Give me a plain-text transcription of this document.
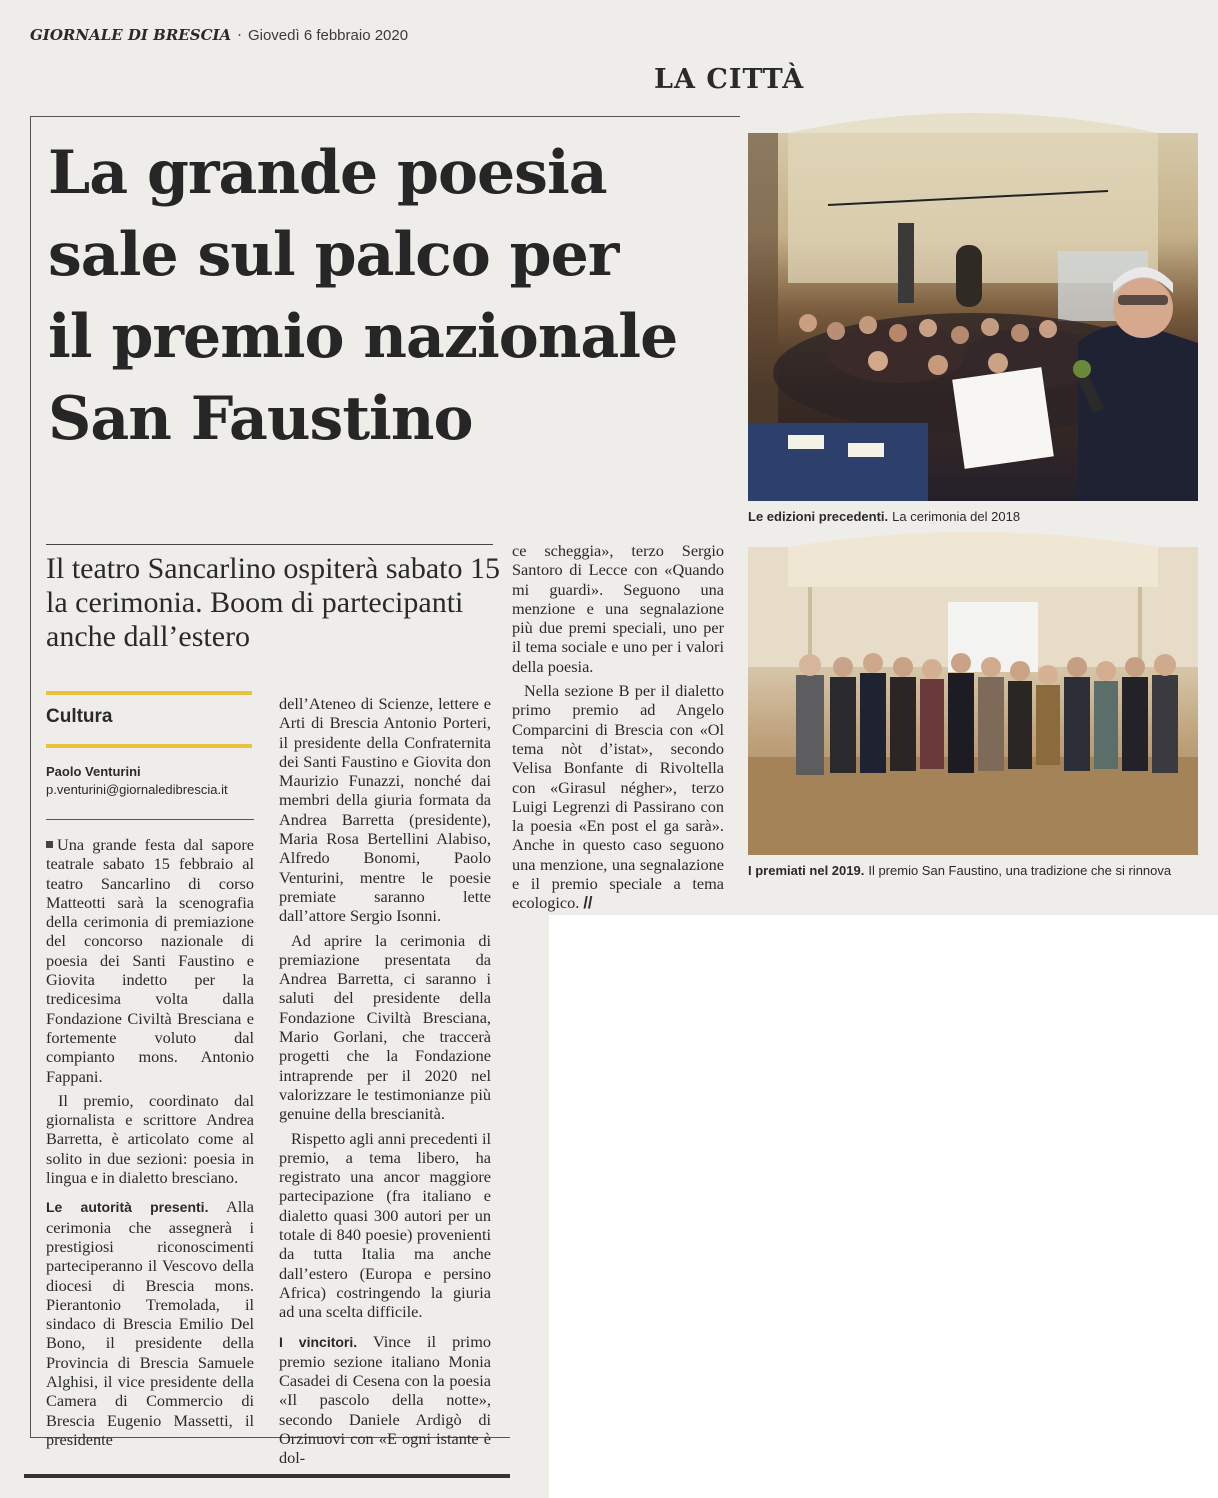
GIORNALE DI BRESCIA · Giovedì 6 febbraio 2020
LA CITTÀ
La grande poesia
sale sul palco per
il premio nazionale
San Faustino
Il teatro Sancarlino ospiterà sabato 15 la cerimonia. Boom di partecipanti anche dall’estero
Cultura
Paolo Venturini
p.venturini@giornaledibrescia.it

Una grande festa dal sapore teatrale sabato 15 febbraio al teatro Sancarlino di corso Matteotti sarà la scenografia della cerimonia di premiazione del concorso nazionale di poesia dei Santi Faustino e Giovita indetto per la tredicesima volta dalla Fondazione Civiltà Bresciana e fortemente voluto dal compianto mons. Antonio Fappani.

Il premio, coordinato dal giornalista e scrittore Andrea Barretta, è articolato come al solito in due sezioni: poesia in lingua e in dialetto bresciano.

Le autorità presenti. Alla cerimonia che assegnerà i prestigiosi riconoscimenti parteciperanno il Vescovo della diocesi di Brescia mons. Pierantonio Tremolada, il sindaco di Brescia Emilio Del Bono, il presidente della Provincia di Brescia Samuele Alghisi, il vice presidente della Camera di Commercio di Brescia Eugenio Massetti, il presidente

dell’Ateneo di Scienze, lettere e Arti di Brescia Antonio Porteri, il presidente della Confraternita dei Santi Faustino e Giovita don Maurizio Funazzi, nonché dai membri della giuria formata da Andrea Barretta (presidente), Maria Rosa Bertellini Alabiso, Alfredo Bonomi, Paolo Venturini, mentre le poesie premiate saranno lette dall’attore Sergio Isonni.

Ad aprire la cerimonia di premiazione presentata da Andrea Barretta, ci saranno i saluti del presidente della Fondazione Civiltà Bresciana, Mario Gorlani, che traccerà progetti che la Fondazione intraprende per il 2020 nel valorizzare le testimonianze più genuine della brescianità.

Rispetto agli anni precedenti il premio, a tema libero, ha registrato una ancor maggiore partecipazione (fra italiano e dialetto quasi 300 autori per un totale di 840 poesie) provenienti da tutta Italia ma anche dall’estero (Europa e persino Africa) costringendo la giuria ad una scelta difficile.

I vincitori. Vince il primo premio sezione italiano Monia Casadei di Cesena con la poesia «Il pascolo della notte», secondo Daniele Ardigò di Orzinuovi con «E ogni istante è dol-

ce scheggia», terzo Sergio Santoro di Lecce con «Quando mi guardi». Seguono una menzione e una segnalazione più due premi speciali, uno per il tema sociale e uno per i valori della poesia.

Nella sezione B per il dialetto primo premio ad Angelo Comparcini di Brescia con «Ol tema nòt d’istat», secondo Velisa Bonfante di Rivoltella con «Girasul négher», terzo Luigi Legrenzi di Passirano con la poesia «En post el ga sarà». Anche in questo caso seguono una menzione, una segnalazione e il premio speciale a tema ecologico. //

Le edizioni precedenti. La cerimonia del 2018
I premiati nel 2019. Il premio San Faustino, una tradizione che si rinnova
